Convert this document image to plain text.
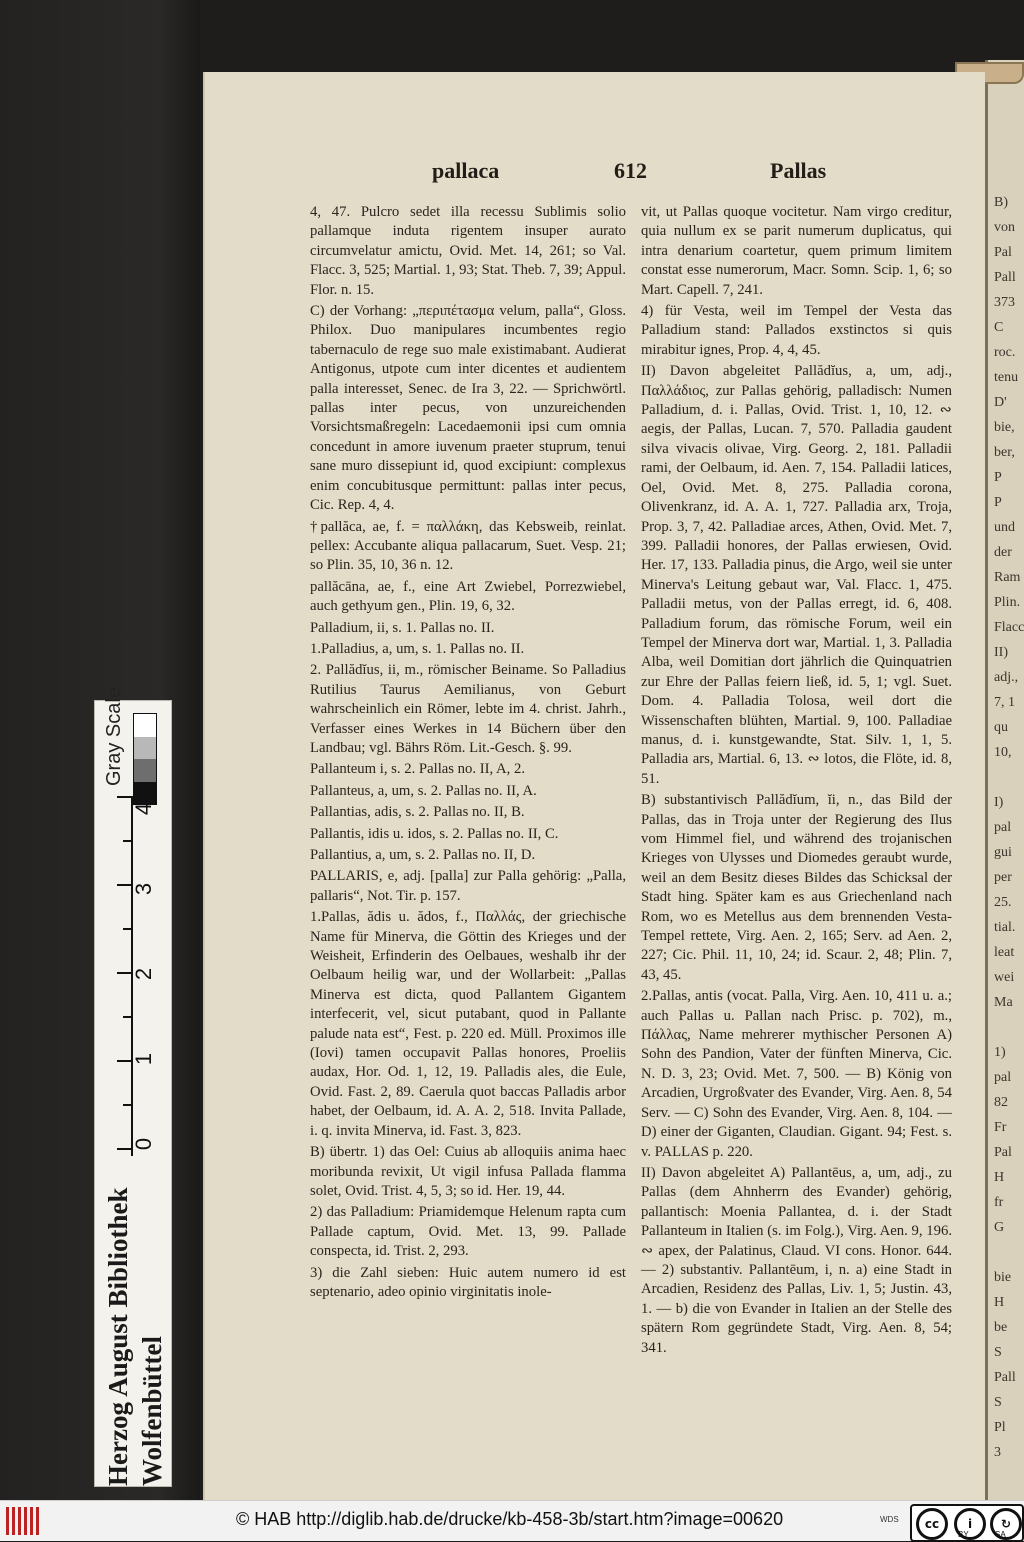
B)
von
Pal
Pall
373
C
roc.
tenu
D'
bie,
ber,
P
P
und
der
Ram
Plin.
Flacc
II)
adj.,
7, 1
qu
10,

I)
pal
gui
per
25.
tial.
leat
wei
Ma

1)
pal
82
Fr
Pal
H
fr
G

bie
H
be
S
Pall
S
Pl
3
pallaca	612	Pallas

4, 47. Pulcro sedet illa recessu Sublimis solio pallamque induta rigentem insuper aurato circumvelatur amictu, Ovid. Met. 14, 261; so Val. Flacc. 3, 525; Martial. 1, 93; Stat. Theb. 7, 39; Appul. Flor. n. 15.

C) der Vorhang: „περιπέτασμα velum, palla“, Gloss. Philox. Duo manipulares incumbentes regio tabernaculo de rege suo male existimabant. Audierat Antigonus, utpote cum inter dicentes et audientem palla interesset, Senec. de Ira 3, 22. — Sprichwörtl. pallas inter pecus, von unzureichenden Vorsichtsmaßregeln: Lacedaemonii ipsi cum omnia concedunt in amore iuvenum praeter stuprum, tenui sane muro dissepiunt id, quod excipiunt: complexus enim concubitusque permittunt: pallas inter pecus, Cic. Rep. 4, 4.

†pallăca, ae, f. = παλλάκη, das Kebsweib, reinlat. pellex: Accubante aliqua pallacarum, Suet. Vesp. 21; so Plin. 35, 10, 36 n. 12.

pallăcāna, ae, f., eine Art Zwiebel, Porrezwiebel, auch gethyum gen., Plin. 19, 6, 32.

Palladium, ii, s. 1. Pallas no. II.

1.Palladius, a, um, s. 1. Pallas no. II.

2. Pallădĭus, ii, m., römischer Beiname. So Palladius Rutilius Taurus Aemilianus, von Geburt wahrscheinlich ein Römer, lebte im 4. christ. Jahrh., Verfasser eines Werkes in 14 Büchern über den Landbau; vgl. Bährs Röm. Lit.-Gesch. §. 99.

Pallanteum i, s. 2. Pallas no. II, A, 2.

Pallanteus, a, um, s. 2. Pallas no. II, A.

Pallantias, adis, s. 2. Pallas no. II, B.

Pallantis, idis u. idos, s. 2. Pallas no. II, C.

Pallantius, a, um, s. 2. Pallas no. II, D.

PALLARIS, e, adj. [palla] zur Palla gehörig: „Palla, pallaris“, Not. Tir. p. 157.

1.Pallas, ădis u. ădos, f., Παλλάς, der griechische Name für Minerva, die Göttin des Krieges und der Weisheit, Erfinderin des Oelbaues, weshalb ihr der Oelbaum heilig war, und der Wollarbeit: „Pallas Minerva est dicta, quod Pallantem Gigantem interfecerit, vel, sicut putabant, quod in Pallante palude nata est“, Fest. p. 220 ed. Müll. Proximos ille (Iovi) tamen occupavit Pallas honores, Proeliis audax, Hor. Od. 1, 12, 19. Palladis ales, die Eule, Ovid. Fast. 2, 89. Caerula quot baccas Palladis arbor habet, der Oelbaum, id. A. A. 2, 518. Invita Pallade, i. q. invita Minerva, id. Fast. 3, 823.

B) übertr. 1) das Oel: Cuius ab alloquiis anima haec moribunda revixit, Ut vigil infusa Pallada flamma solet, Ovid. Trist. 4, 5, 3; so id. Her. 19, 44.

2) das Palladium: Priamidemque Helenum rapta cum Pallade captum, Ovid. Met. 13, 99. Pallade conspecta, id. Trist. 2, 293.

3) die Zahl sieben: Huic autem numero id est septenario, adeo opinio virginitatis inole-

vit, ut Pallas quoque vocitetur. Nam virgo creditur, quia nullum ex se parit numerum duplicatus, qui intra denarium coartetur, quem primum limitem constat esse numerorum, Macr. Somn. Scip. 1, 6; so Mart. Capell. 7, 241.

4) für Vesta, weil im Tempel der Vesta das Palladium stand: Pallados exstinctos si quis mirabitur ignes, Prop. 4, 4, 45.

II) Davon abgeleitet Pallădĭus, a, um, adj., Παλλάδιος, zur Pallas gehörig, palladisch: Numen Palladium, d. i. Pallas, Ovid. Trist. 1, 10, 12. ∾ aegis, der Pallas, Lucan. 7, 570. Palladia gaudent silva vivacis olivae, Virg. Georg. 2, 181. Palladii rami, der Oelbaum, id. Aen. 7, 154. Palladii latices, Oel, Ovid. Met. 8, 275. Palladia corona, Olivenkranz, id. A. A. 1, 727. Palladia arx, Troja, Prop. 3, 7, 42. Palladiae arces, Athen, Ovid. Met. 7, 399. Palladii honores, der Pallas erwiesen, Ovid. Her. 17, 133. Palladia pinus, die Argo, weil sie unter Minerva's Leitung gebaut war, Val. Flacc. 1, 475. Palladii metus, von der Pallas erregt, id. 6, 408. Palladium forum, das römische Forum, weil ein Tempel der Minerva dort war, Martial. 1, 3. Palladia Alba, weil Domitian dort jährlich die Quinquatrien zur Ehre der Pallas feiern ließ, id. 5, 1; vgl. Suet. Dom. 4. Palladia Tolosa, weil dort die Wissenschaften blühten, Martial. 9, 100. Palladiae manus, d. i. kunstgewandte, Stat. Silv. 1, 1, 5. Palladia ars, Martial. 6, 13. ∾ lotos, die Flöte, id. 8, 51.

B) substantivisch Pallădĭum, ĭi, n., das Bild der Pallas, das in Troja unter der Regierung des Ilus vom Himmel fiel, und während des trojanischen Krieges von Ulysses und Diomedes geraubt wurde, weil an dem Besitz dieses Bildes das Schicksal der Stadt hing. Später kam es aus Griechenland nach Rom, wo es Metellus aus dem brennenden Vesta-Tempel rettete, Virg. Aen. 2, 165; Serv. ad Aen. 2, 227; Cic. Phil. 11, 10, 24; id. Scaur. 2, 48; Plin. 7, 43, 45.

2.Pallas, antis (vocat. Palla, Virg. Aen. 10, 411 u. a.; auch Pallas u. Pallan nach Prisc. p. 702), m., Πάλλας, Name mehrerer mythischer Personen A) Sohn des Pandion, Vater der fünften Minerva, Cic. N. D. 3, 23; Ovid. Met. 7, 500. — B) König von Arcadien, Urgroßvater des Evander, Virg. Aen. 8, 54 Serv. — C) Sohn des Evander, Virg. Aen. 8, 104. — D) einer der Giganten, Claudian. Gigant. 94; Fest. s. v. PALLAS p. 220.

II) Davon abgeleitet A) Pallantēus, a, um, adj., zu Pallas (dem Ahnherrn des Evander) gehörig, pallantisch: Moenia Pallantea, d. i. der Stadt Pallanteum in Italien (s. im Folg.), Virg. Aen. 9, 196. ∾ apex, der Palatinus, Claud. VI cons. Honor. 644. — 2) substantiv. Pallantēum, i, n. a) eine Stadt in Arcadien, Residenz des Pallas, Liv. 1, 5; Justin. 43, 1. — b) die von Evander in Italien an der Stelle des spätern Rom gegründete Stadt, Virg. Aen. 8, 54; 341.

Gray Scale
0
1
2
3
4
Herzog August Bibliothek Wolfenbüttel
© HAB http://diglib.hab.de/drucke/kb-458-3b/start.htm?image=00620	WDS	cc	i	↻
BY	SA
